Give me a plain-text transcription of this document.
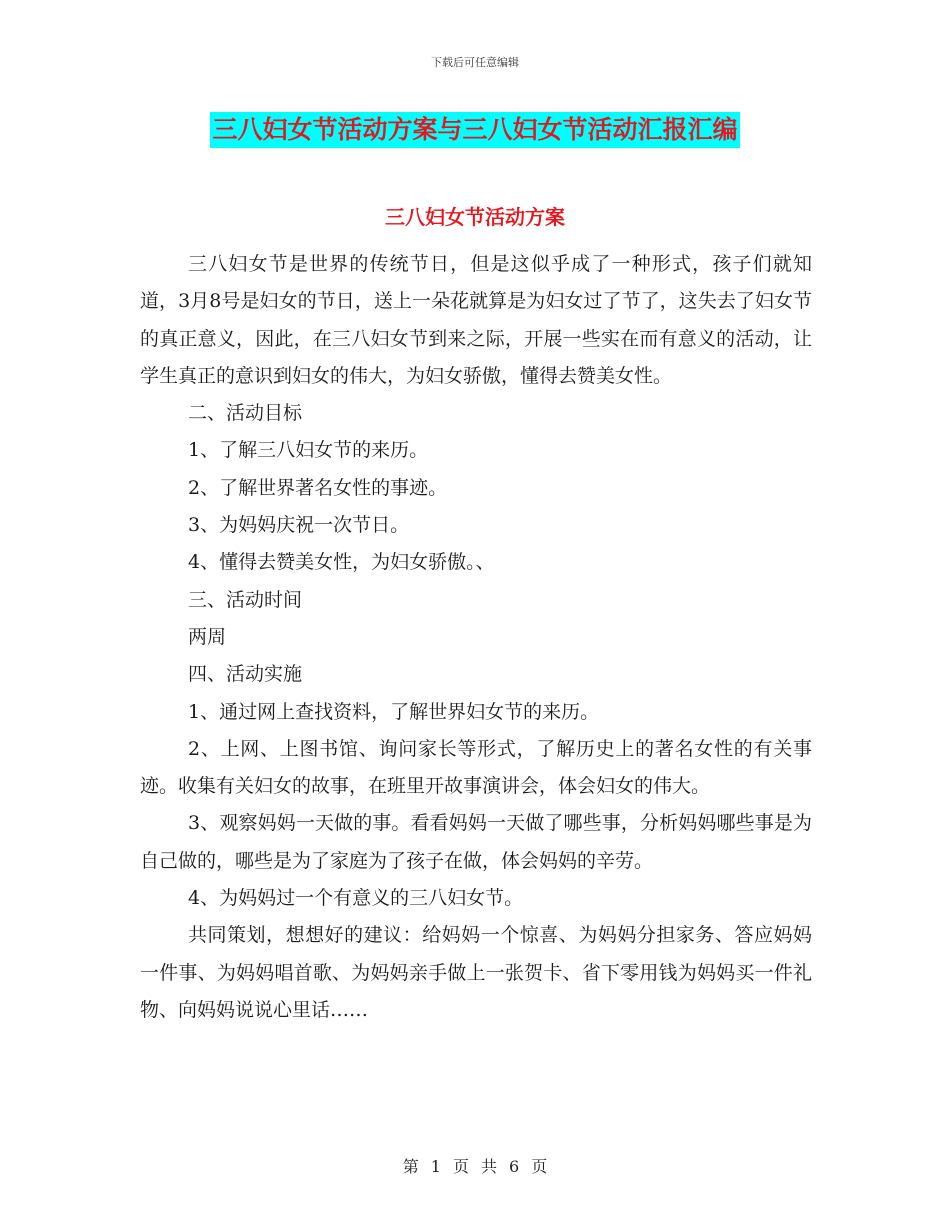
下载后可任意编辑
三八妇女节活动方案与三八妇女节活动汇报汇编
三八妇女节活动方案

三八妇女节是世界的传统节日，但是这似乎成了一种形式，孩子们就知道，3月8号是妇女的节日，送上一朵花就算是为妇女过了节了，这失去了妇女节的真正意义，因此，在三八妇女节到来之际，开展一些实在而有意义的活动，让学生真正的意识到妇女的伟大，为妇女骄傲，懂得去赞美女性。

二、活动目标

1、了解三八妇女节的来历。

2、了解世界著名女性的事迹。

3、为妈妈庆祝一次节日。

4、懂得去赞美女性，为妇女骄傲。、

三、活动时间

两周

四、活动实施

1、通过网上查找资料，了解世界妇女节的来历。

2、上网、上图书馆、询问家长等形式，了解历史上的著名女性的有关事迹。收集有关妇女的故事，在班里开故事演讲会，体会妇女的伟大。

3、观察妈妈一天做的事。看看妈妈一天做了哪些事，分析妈妈哪些事是为自己做的，哪些是为了家庭为了孩子在做，体会妈妈的辛劳。

4、为妈妈过一个有意义的三八妇女节。

共同策划，想想好的建议：给妈妈一个惊喜、为妈妈分担家务、答应妈妈一件事、为妈妈唱首歌、为妈妈亲手做上一张贺卡、省下零用钱为妈妈买一件礼物、向妈妈说说心里话……

第 1 页 共 6 页
